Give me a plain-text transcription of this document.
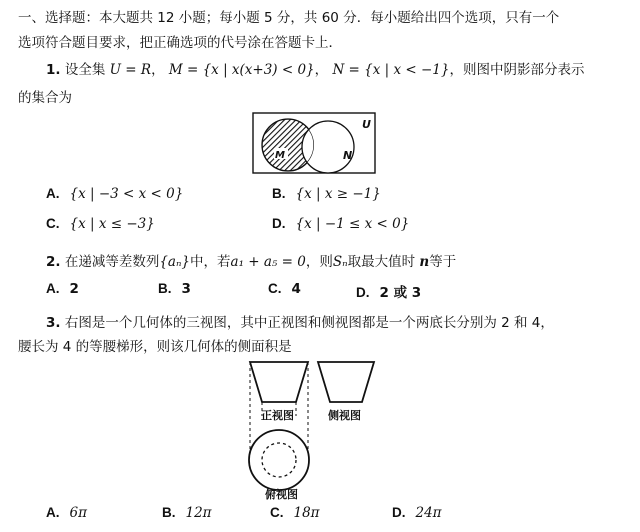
一、选择题：本大题共 12 小题；每小题 5 分，共 60 分．每小题给出四个选项，只有一个
选项符合题目要求，把正确选项的代号涂在答题卡上．
1. 设全集 U = R， M = {x | x(x+3) < 0}， N = {x | x < −1}，则图中阴影部分表示
的集合为
U
M	N
A. {x | −3 < x < 0}	B. {x | x ≥ −1}
C. {x | x ≤ −3}	D. {x | −1 ≤ x < 0}
2. 在递减等差数列{aₙ}中，若a₁ + a₅ = 0，则Sₙ取最大值时 n等于
A. 2	B. 3	C. 4	D. 2 或 3
3. 右图是一个几何体的三视图，其中正视图和侧视图都是一个两底长分别为 2 和 4，
腰长为 4 的等腰梯形，则该几何体的侧面积是
正视图	侧视图
俯视图
A. 6π	B. 12π	C. 18π	D. 24π
